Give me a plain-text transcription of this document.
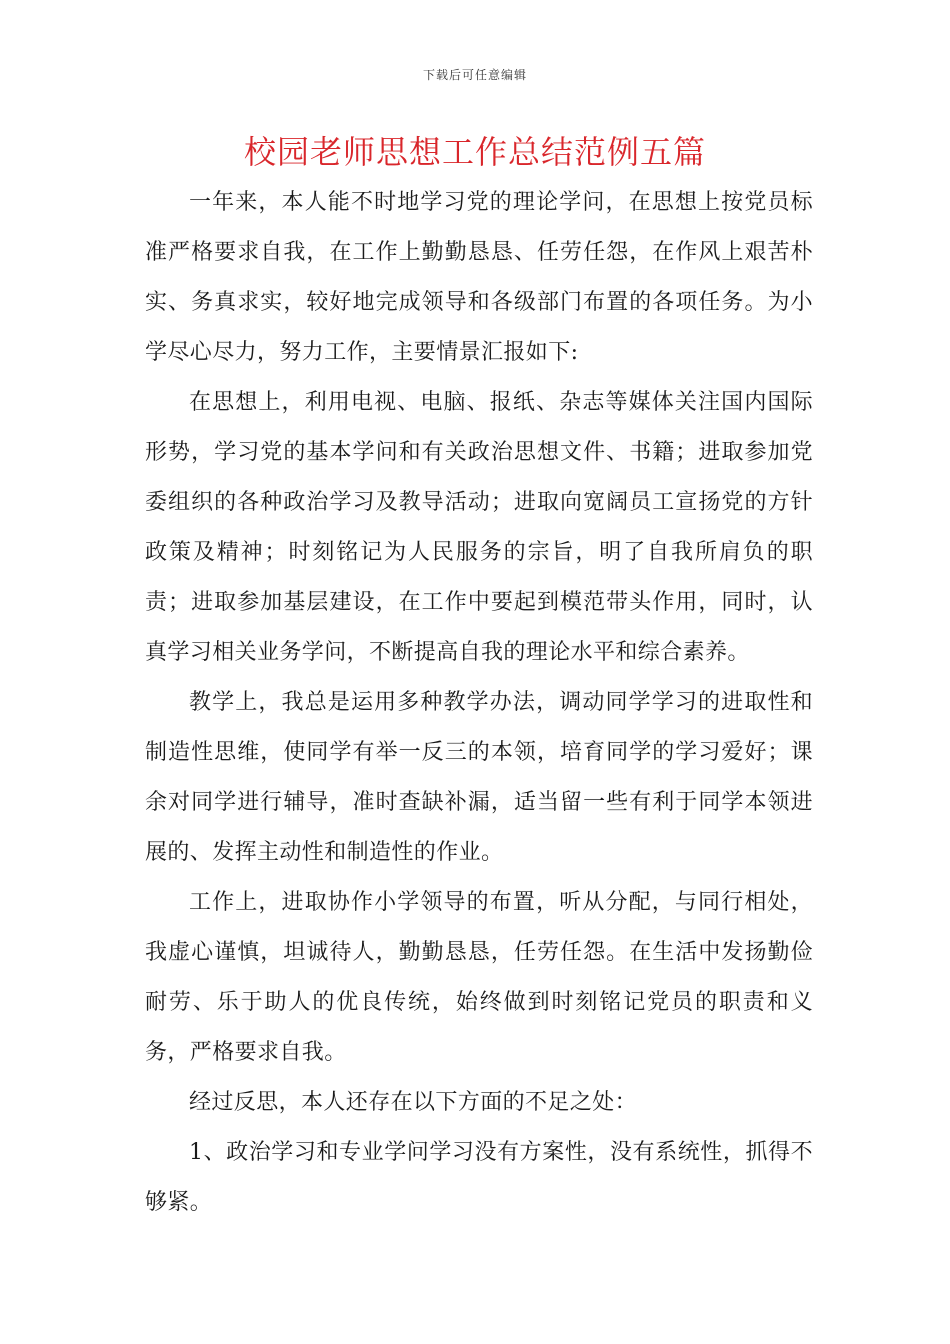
下载后可任意编辑
校园老师思想工作总结范例五篇

一年来，本人能不时地学习党的理论学问，在思想上按党员标准严格要求自我，在工作上勤勤恳恳、任劳任怨，在作风上艰苦朴实、务真求实，较好地完成领导和各级部门布置的各项任务。为小学尽心尽力，努力工作，主要情景汇报如下:

在思想上，利用电视、电脑、报纸、杂志等媒体关注国内国际形势，学习党的基本学问和有关政治思想文件、书籍；进取参加党委组织的各种政治学习及教导活动；进取向宽阔员工宣扬党的方针政策及精神；时刻铭记为人民服务的宗旨，明了自我所肩负的职责；进取参加基层建设，在工作中要起到模范带头作用，同时，认真学习相关业务学问，不断提高自我的理论水平和综合素养。

教学上，我总是运用多种教学办法，调动同学学习的进取性和制造性思维，使同学有举一反三的本领，培育同学的学习爱好；课余对同学进行辅导，准时查缺补漏，适当留一些有利于同学本领进展的、发挥主动性和制造性的作业。

工作上，进取协作小学领导的布置，听从分配，与同行相处，我虚心谨慎，坦诚待人，勤勤恳恳，任劳任怨。在生活中发扬勤俭耐劳、乐于助人的优良传统，始终做到时刻铭记党员的职责和义务，严格要求自我。

经过反思，本人还存在以下方面的不足之处：

1、政治学习和专业学问学习没有方案性，没有系统性，抓得不够紧。
